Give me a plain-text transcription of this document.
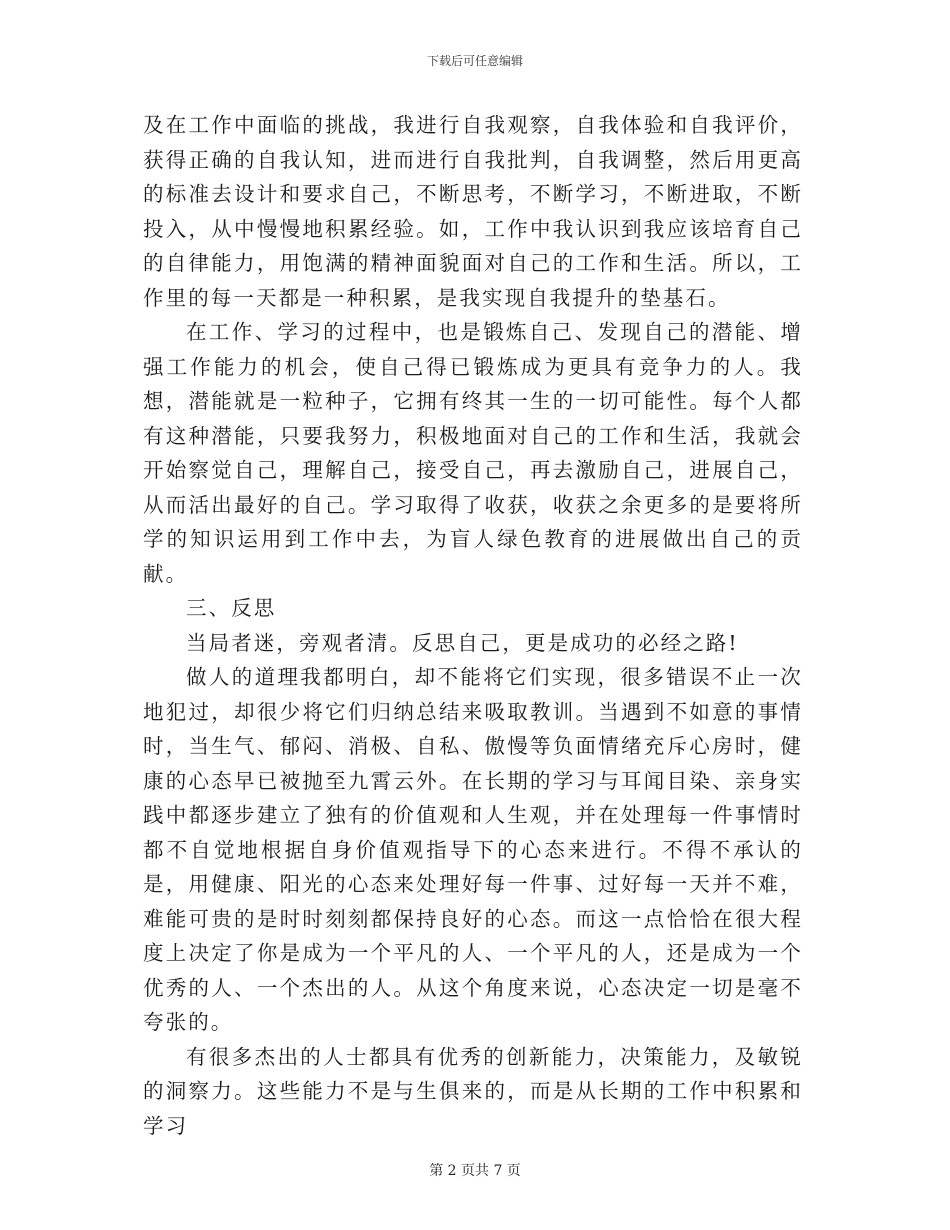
下载后可任意编辑

及在工作中面临的挑战，我进行自我观察，自我体验和自我评价，获得正确的自我认知，进而进行自我批判，自我调整，然后用更高的标准去设计和要求自己，不断思考，不断学习，不断进取，不断投入，从中慢慢地积累经验。如，工作中我认识到我应该培育自己的自律能力，用饱满的精神面貌面对自己的工作和生活。所以，工作里的每一天都是一种积累，是我实现自我提升的垫基石。

在工作、学习的过程中，也是锻炼自己、发现自己的潜能、增强工作能力的机会，使自己得已锻炼成为更具有竞争力的人。我想，潜能就是一粒种子，它拥有终其一生的一切可能性。每个人都有这种潜能，只要我努力，积极地面对自己的工作和生活，我就会开始察觉自己，理解自己，接受自己，再去激励自己，进展自己，从而活出最好的自己。学习取得了收获，收获之余更多的是要将所学的知识运用到工作中去，为盲人绿色教育的进展做出自己的贡献。

三、反思

当局者迷，旁观者清。反思自己，更是成功的必经之路!

做人的道理我都明白，却不能将它们实现，很多错误不止一次地犯过，却很少将它们归纳总结来吸取教训。当遇到不如意的事情时，当生气、郁闷、消极、自私、傲慢等负面情绪充斥心房时，健康的心态早已被抛至九霄云外。在长期的学习与耳闻目染、亲身实践中都逐步建立了独有的价值观和人生观，并在处理每一件事情时都不自觉地根据自身价值观指导下的心态来进行。不得不承认的是，用健康、阳光的心态来处理好每一件事、过好每一天并不难，难能可贵的是时时刻刻都保持良好的心态。而这一点恰恰在很大程度上决定了你是成为一个平凡的人、一个平凡的人，还是成为一个优秀的人、一个杰出的人。从这个角度来说，心态决定一切是毫不夸张的。

有很多杰出的人士都具有优秀的创新能力，决策能力，及敏锐的洞察力。这些能力不是与生俱来的，而是从长期的工作中积累和学习

第 2 页共 7 页
